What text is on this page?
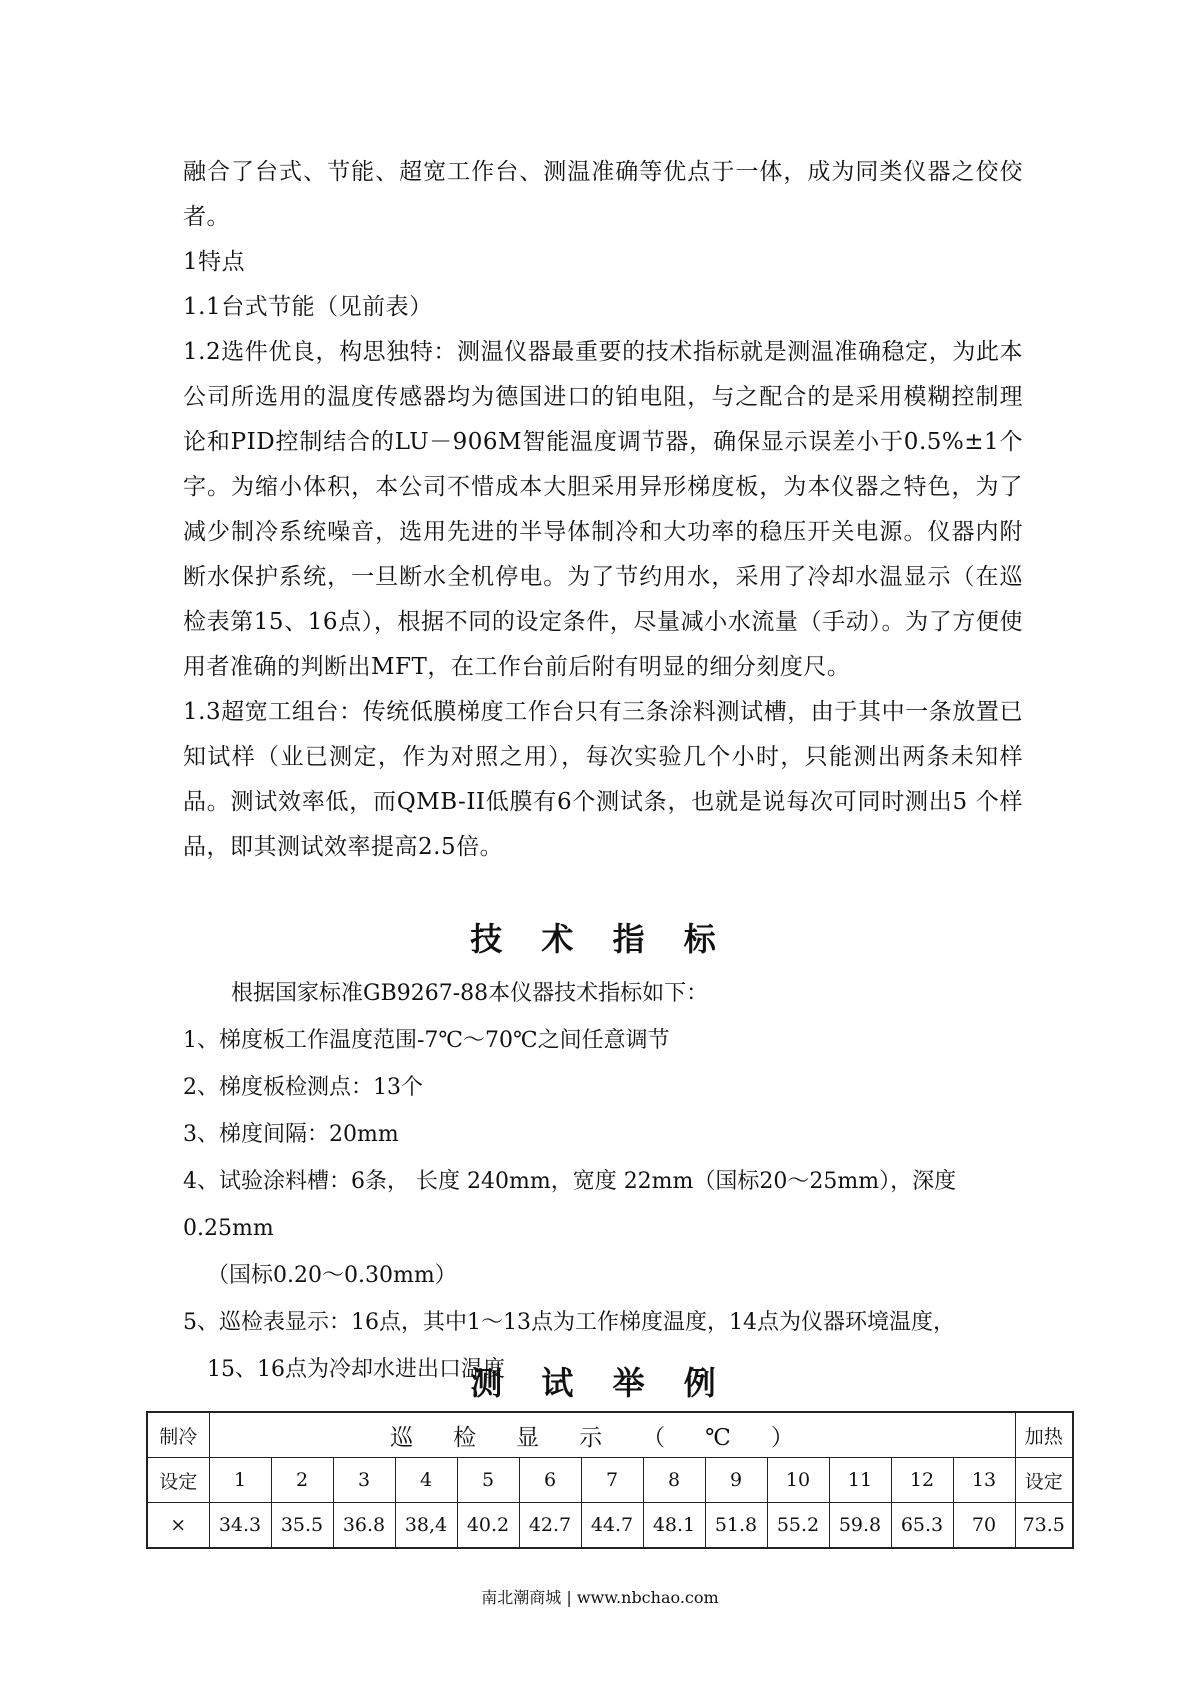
融合了台式、节能、超宽工作台、测温准确等优点于一体，成为同类仪器之佼佼者。

1特点

1.1台式节能（见前表）

1.2选件优良，构思独特：测温仪器最重要的技术指标就是测温准确稳定，为此本公司所选用的温度传感器均为德国进口的铂电阻，与之配合的是采用模糊控制理论和PID控制结合的LU－906M智能温度调节器，确保显示误差小于0.5%±1个字。为缩小体积，本公司不惜成本大胆采用异形梯度板，为本仪器之特色，为了减少制冷系统噪音，选用先进的半导体制冷和大功率的稳压开关电源。仪器内附断水保护系统，一旦断水全机停电。为了节约用水，采用了冷却水温显示（在巡检表第15、16点），根据不同的设定条件，尽量减小水流量（手动）。为了方便使用者准确的判断出MFT，在工作台前后附有明显的细分刻度尺。

1.3超宽工组台：传统低膜梯度工作台只有三条涂料测试槽，由于其中一条放置已知试样（业已测定，作为对照之用），每次实验几个小时，只能测出两条未知样品。测试效率低，而QMB-II低膜有6个测试条，也就是说每次可同时测出5 个样品，即其测试效率提高2.5倍。

技 术 指 标

根据国家标准GB9267-88本仪器技术指标如下：

1、梯度板工作温度范围-7℃～70℃之间任意调节

2、梯度板检测点：13个

3、梯度间隔：20mm

4、试验涂料槽：6条， 长度 240mm，宽度 22mm（国标20～25mm），深度 0.25mm

（国标0.20～0.30mm）

5、巡检表显示：16点，其中1～13点为工作梯度温度，14点为仪器环境温度，

15、16点为冷却水进出口温度

测 试 举 例
制冷	巡检显示（℃）													加热
设定	1	2	3	4	5	6	7	8	9	10	11	12	13	设定
×	34.3	35.5	36.8	38,4	40.2	42.7	44.7	48.1	51.8	55.2	59.8	65.3	70	73.5
南北潮商城 | www.nbchao.com
